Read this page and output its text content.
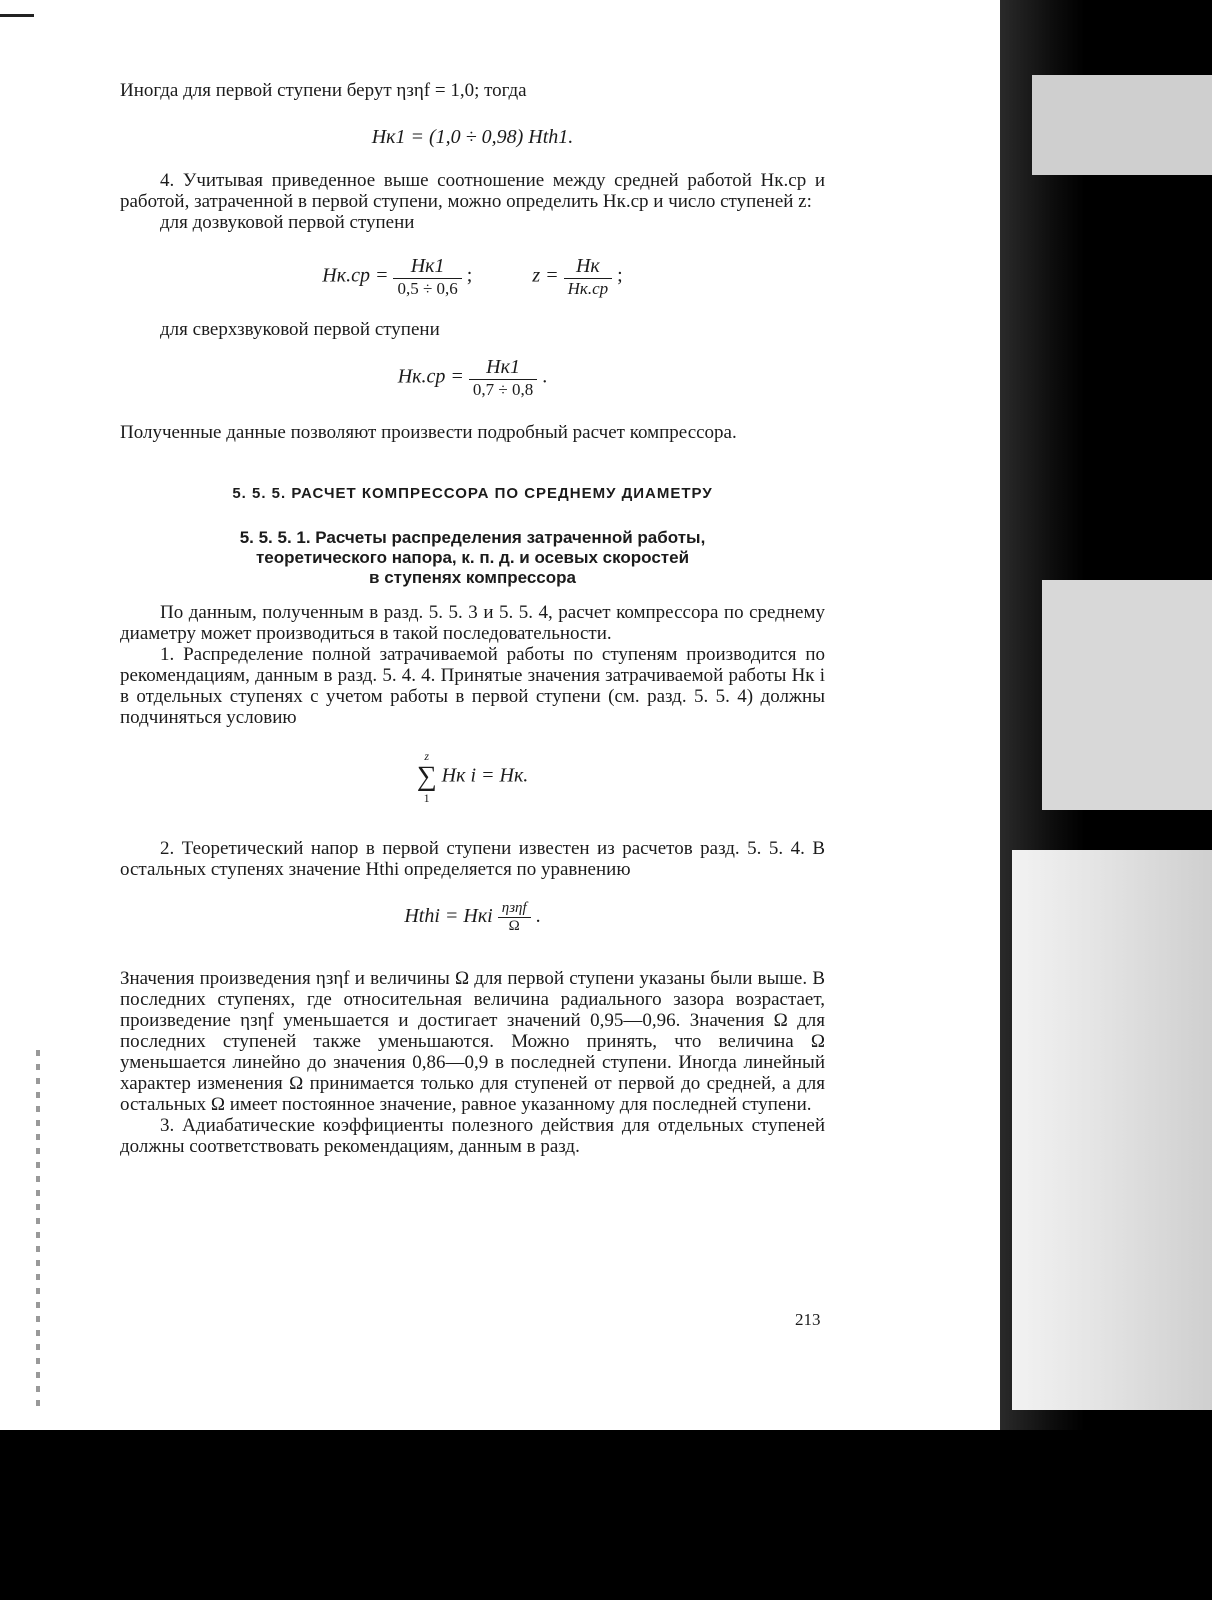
Иногда для первой ступени берут ηзηf = 1,0; тогда

Hк1 = (1,0 ÷ 0,98) Hth1.

4. Учитывая приведенное выше соотношение между средней работой Hк.ср и работой, затраченной в первой ступени, можно определить Hк.ср и число ступеней z:

для дозвуковой первой ступени

$Hк.ср = \frac{Hк1}{0,5 \div 0,6}$ ;	$z = \frac{Hк}{Hк.ср}$ ;

для сверхзвуковой первой ступени

$Hк.ср = \frac{Hк1}{0,7 \div 0,8}$ .

Полученные данные позволяют произвести подробный расчет компрессора.

5. 5. 5. РАСЧЕТ КОМПРЕССОРА ПО СРЕДНЕМУ ДИАМЕТРУ
5. 5. 5. 1. Расчеты распределения затраченной работы,
теоретического напора, к. п. д. и осевых скоростей
в ступенях компрессора

По данным, полученным в разд. 5. 5. 3 и 5. 5. 4, расчет компрессора по среднему диаметру может производиться в такой последовательности.

1. Распределение полной затрачиваемой работы по ступеням производится по рекомендациям, данным в разд. 5. 4. 4. Принятые значения затрачиваемой работы Hк i в отдельных ступенях с учетом работы в первой ступени (см. разд. 5. 5. 4) должны подчиняться условию

z
∑
1
Hк i = Hк.

2. Теоретический напор в первой ступени известен из расчетов разд. 5. 5. 4. В остальных ступенях значение Hthi определяется по уравнению

Hthi = Hкi $\frac{\text{ηзηf}}{\Omega}$ .

Значения произведения ηзηf и величины Ω для первой ступени указаны были выше. В последних ступенях, где относительная величина радиального зазора возрастает, произведение ηзηf уменьшается и достигает значений 0,95—0,96. Значения Ω для последних ступеней также уменьшаются. Можно принять, что величина Ω уменьшается линейно до значения 0,86—0,9 в последней ступени. Иногда линейный характер изменения Ω принимается только для ступеней от первой до средней, а для остальных Ω имеет постоянное значение, равное указанному для последней ступени.

3. Адиабатические коэффициенты полезного действия для отдельных ступеней должны соответствовать рекомендациям, данным в разд.

213
